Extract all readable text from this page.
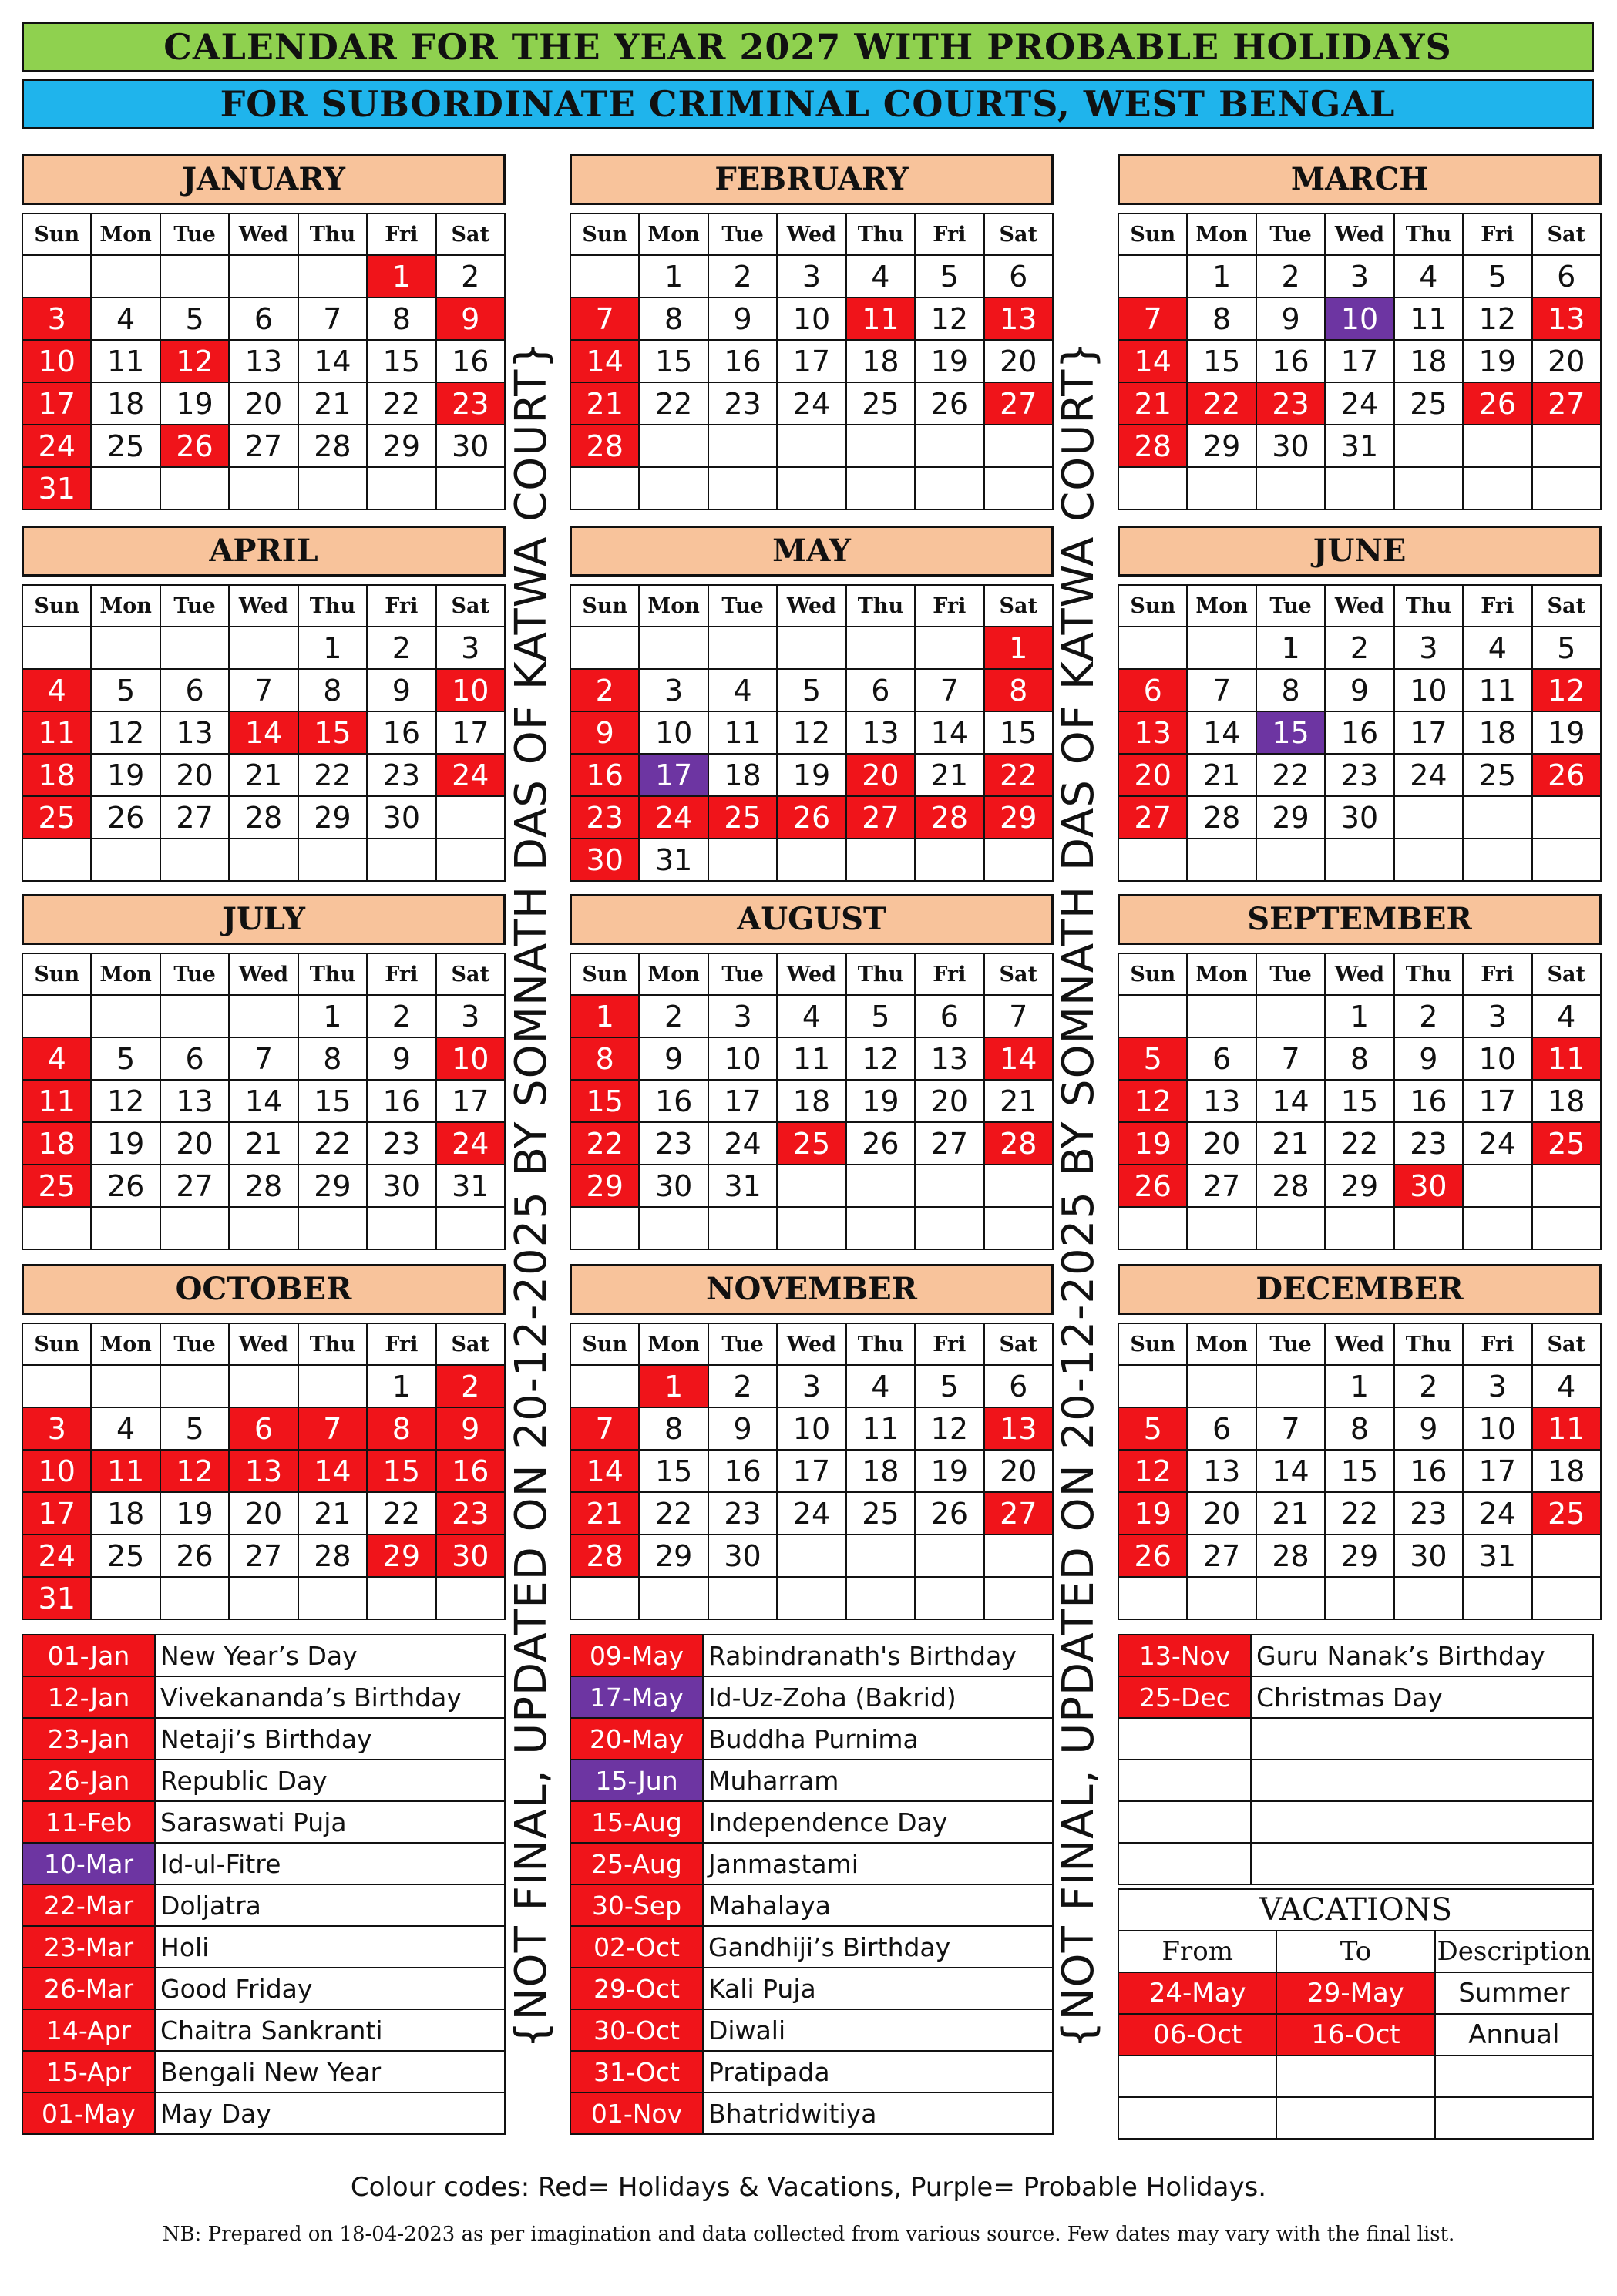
CALENDAR FOR THE YEAR 2027 WITH PROBABLE HOLIDAYS
FOR SUBORDINATE CRIMINAL COURTS, WEST BENGAL
JANUARY
Sun	Mon	Tue	Wed	Thu	Fri	Sat
					1	2
3	4	5	6	7	8	9
10	11	12	13	14	15	16
17	18	19	20	21	22	23
24	25	26	27	28	29	30
31						
FEBRUARY
Sun	Mon	Tue	Wed	Thu	Fri	Sat
	1	2	3	4	5	6
7	8	9	10	11	12	13
14	15	16	17	18	19	20
21	22	23	24	25	26	27
28						

MARCH
Sun	Mon	Tue	Wed	Thu	Fri	Sat
	1	2	3	4	5	6
7	8	9	10	11	12	13
14	15	16	17	18	19	20
21	22	23	24	25	26	27
28	29	30	31			

APRIL
Sun	Mon	Tue	Wed	Thu	Fri	Sat
				1	2	3
4	5	6	7	8	9	10
11	12	13	14	15	16	17
18	19	20	21	22	23	24
25	26	27	28	29	30	

MAY
Sun	Mon	Tue	Wed	Thu	Fri	Sat
						1
2	3	4	5	6	7	8
9	10	11	12	13	14	15
16	17	18	19	20	21	22
23	24	25	26	27	28	29
30	31					
JUNE
Sun	Mon	Tue	Wed	Thu	Fri	Sat
		1	2	3	4	5
6	7	8	9	10	11	12
13	14	15	16	17	18	19
20	21	22	23	24	25	26
27	28	29	30			

JULY
Sun	Mon	Tue	Wed	Thu	Fri	Sat
				1	2	3
4	5	6	7	8	9	10
11	12	13	14	15	16	17
18	19	20	21	22	23	24
25	26	27	28	29	30	31

AUGUST
Sun	Mon	Tue	Wed	Thu	Fri	Sat
1	2	3	4	5	6	7
8	9	10	11	12	13	14
15	16	17	18	19	20	21
22	23	24	25	26	27	28
29	30	31				

SEPTEMBER
Sun	Mon	Tue	Wed	Thu	Fri	Sat
			1	2	3	4
5	6	7	8	9	10	11
12	13	14	15	16	17	18
19	20	21	22	23	24	25
26	27	28	29	30		

OCTOBER
Sun	Mon	Tue	Wed	Thu	Fri	Sat
					1	2
3	4	5	6	7	8	9
10	11	12	13	14	15	16
17	18	19	20	21	22	23
24	25	26	27	28	29	30
31						
NOVEMBER
Sun	Mon	Tue	Wed	Thu	Fri	Sat
	1	2	3	4	5	6
7	8	9	10	11	12	13
14	15	16	17	18	19	20
21	22	23	24	25	26	27
28	29	30				

DECEMBER
Sun	Mon	Tue	Wed	Thu	Fri	Sat
			1	2	3	4
5	6	7	8	9	10	11
12	13	14	15	16	17	18
19	20	21	22	23	24	25
26	27	28	29	30	31	

{NOT FINAL, UPDATED ON 20-12-2025 BY SOMNATH DAS OF KATWA COURT}	{NOT FINAL, UPDATED ON 20-12-2025 BY SOMNATH DAS OF KATWA COURT}
01-Jan	New Year’s Day
12-Jan	Vivekananda’s Birthday
23-Jan	Netaji’s Birthday
26-Jan	Republic Day
11-Feb	Saraswati Puja
10-Mar	Id-ul-Fitre
22-Mar	Doljatra
23-Mar	Holi
26-Mar	Good Friday
14-Apr	Chaitra Sankranti
15-Apr	Bengali New Year
01-May	May Day
09-May	Rabindranath's Birthday
17-May	Id-Uz-Zoha (Bakrid)
20-May	Buddha Purnima
15-Jun	Muharram
15-Aug	Independence Day
25-Aug	Janmastami
30-Sep	Mahalaya
02-Oct	Gandhiji’s Birthday
29-Oct	Kali Puja
30-Oct	Diwali
31-Oct	Pratipada
01-Nov	Bhatridwitiya
13-Nov	Guru Nanak’s Birthday
25-Dec	Christmas Day

VACATIONS		
From	To	Description
24-May	29-May	Summer
06-Oct	16-Oct	Annual

Colour codes: Red= Holidays & Vacations, Purple= Probable Holidays.
NB: Prepared on 18-04-2023 as per imagination and data collected from various source. Few dates may vary with the final list.
